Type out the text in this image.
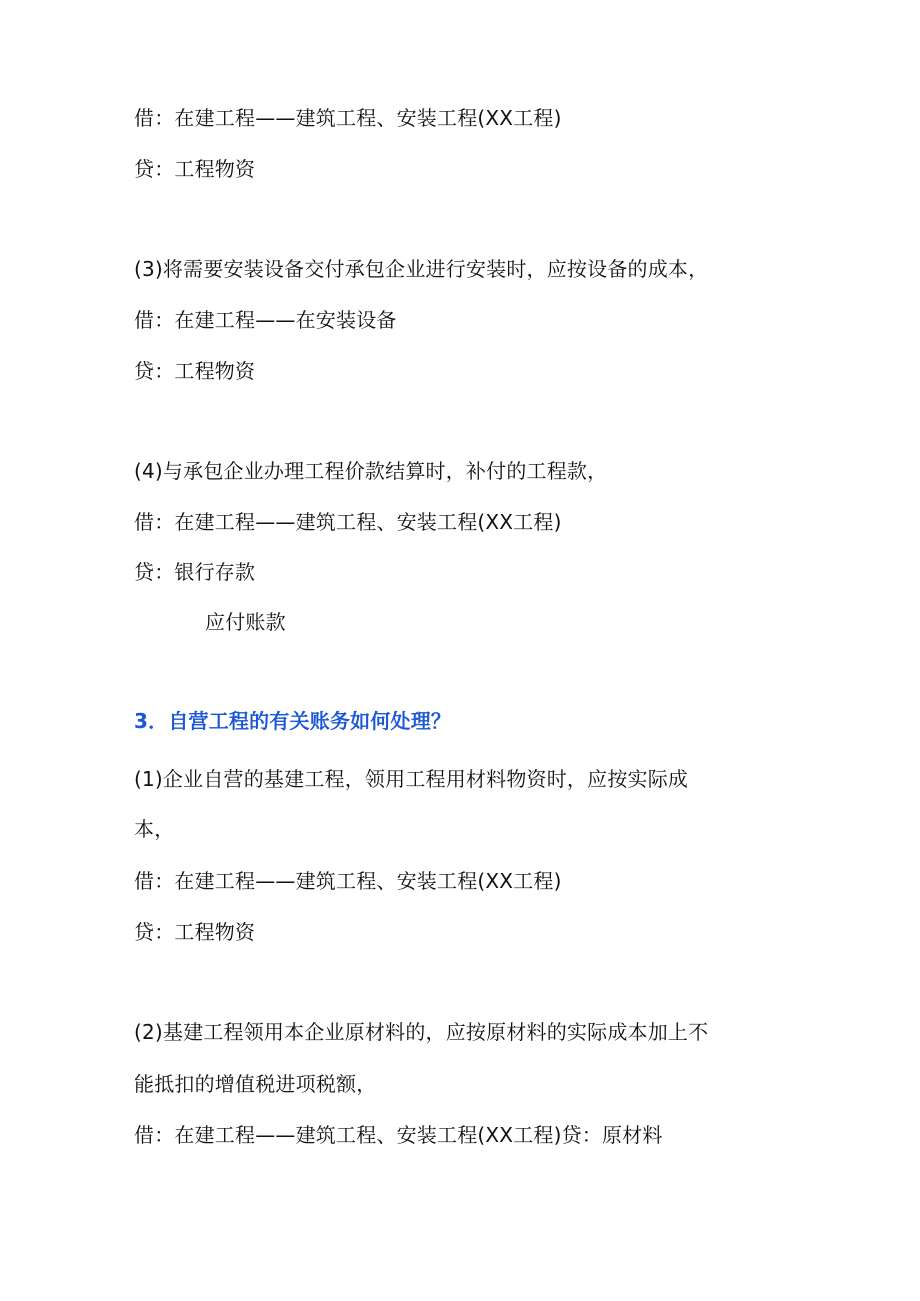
借：在建工程——建筑工程、安装工程(XX工程)
贷：工程物资
(3)将需要安装设备交付承包企业进行安装时，应按设备的成本，
借：在建工程——在安装设备
贷：工程物资
(4)与承包企业办理工程价款结算时，补付的工程款，
借：在建工程——建筑工程、安装工程(XX工程)
贷：银行存款
应付账款
3．自营工程的有关账务如何处理？
(1)企业自营的基建工程，领用工程用材料物资时，应按实际成
本，
借：在建工程——建筑工程、安装工程(XX工程)
贷：工程物资
(2)基建工程领用本企业原材料的，应按原材料的实际成本加上不
能抵扣的增值税进项税额，
借：在建工程——建筑工程、安装工程(XX工程)贷：原材料
